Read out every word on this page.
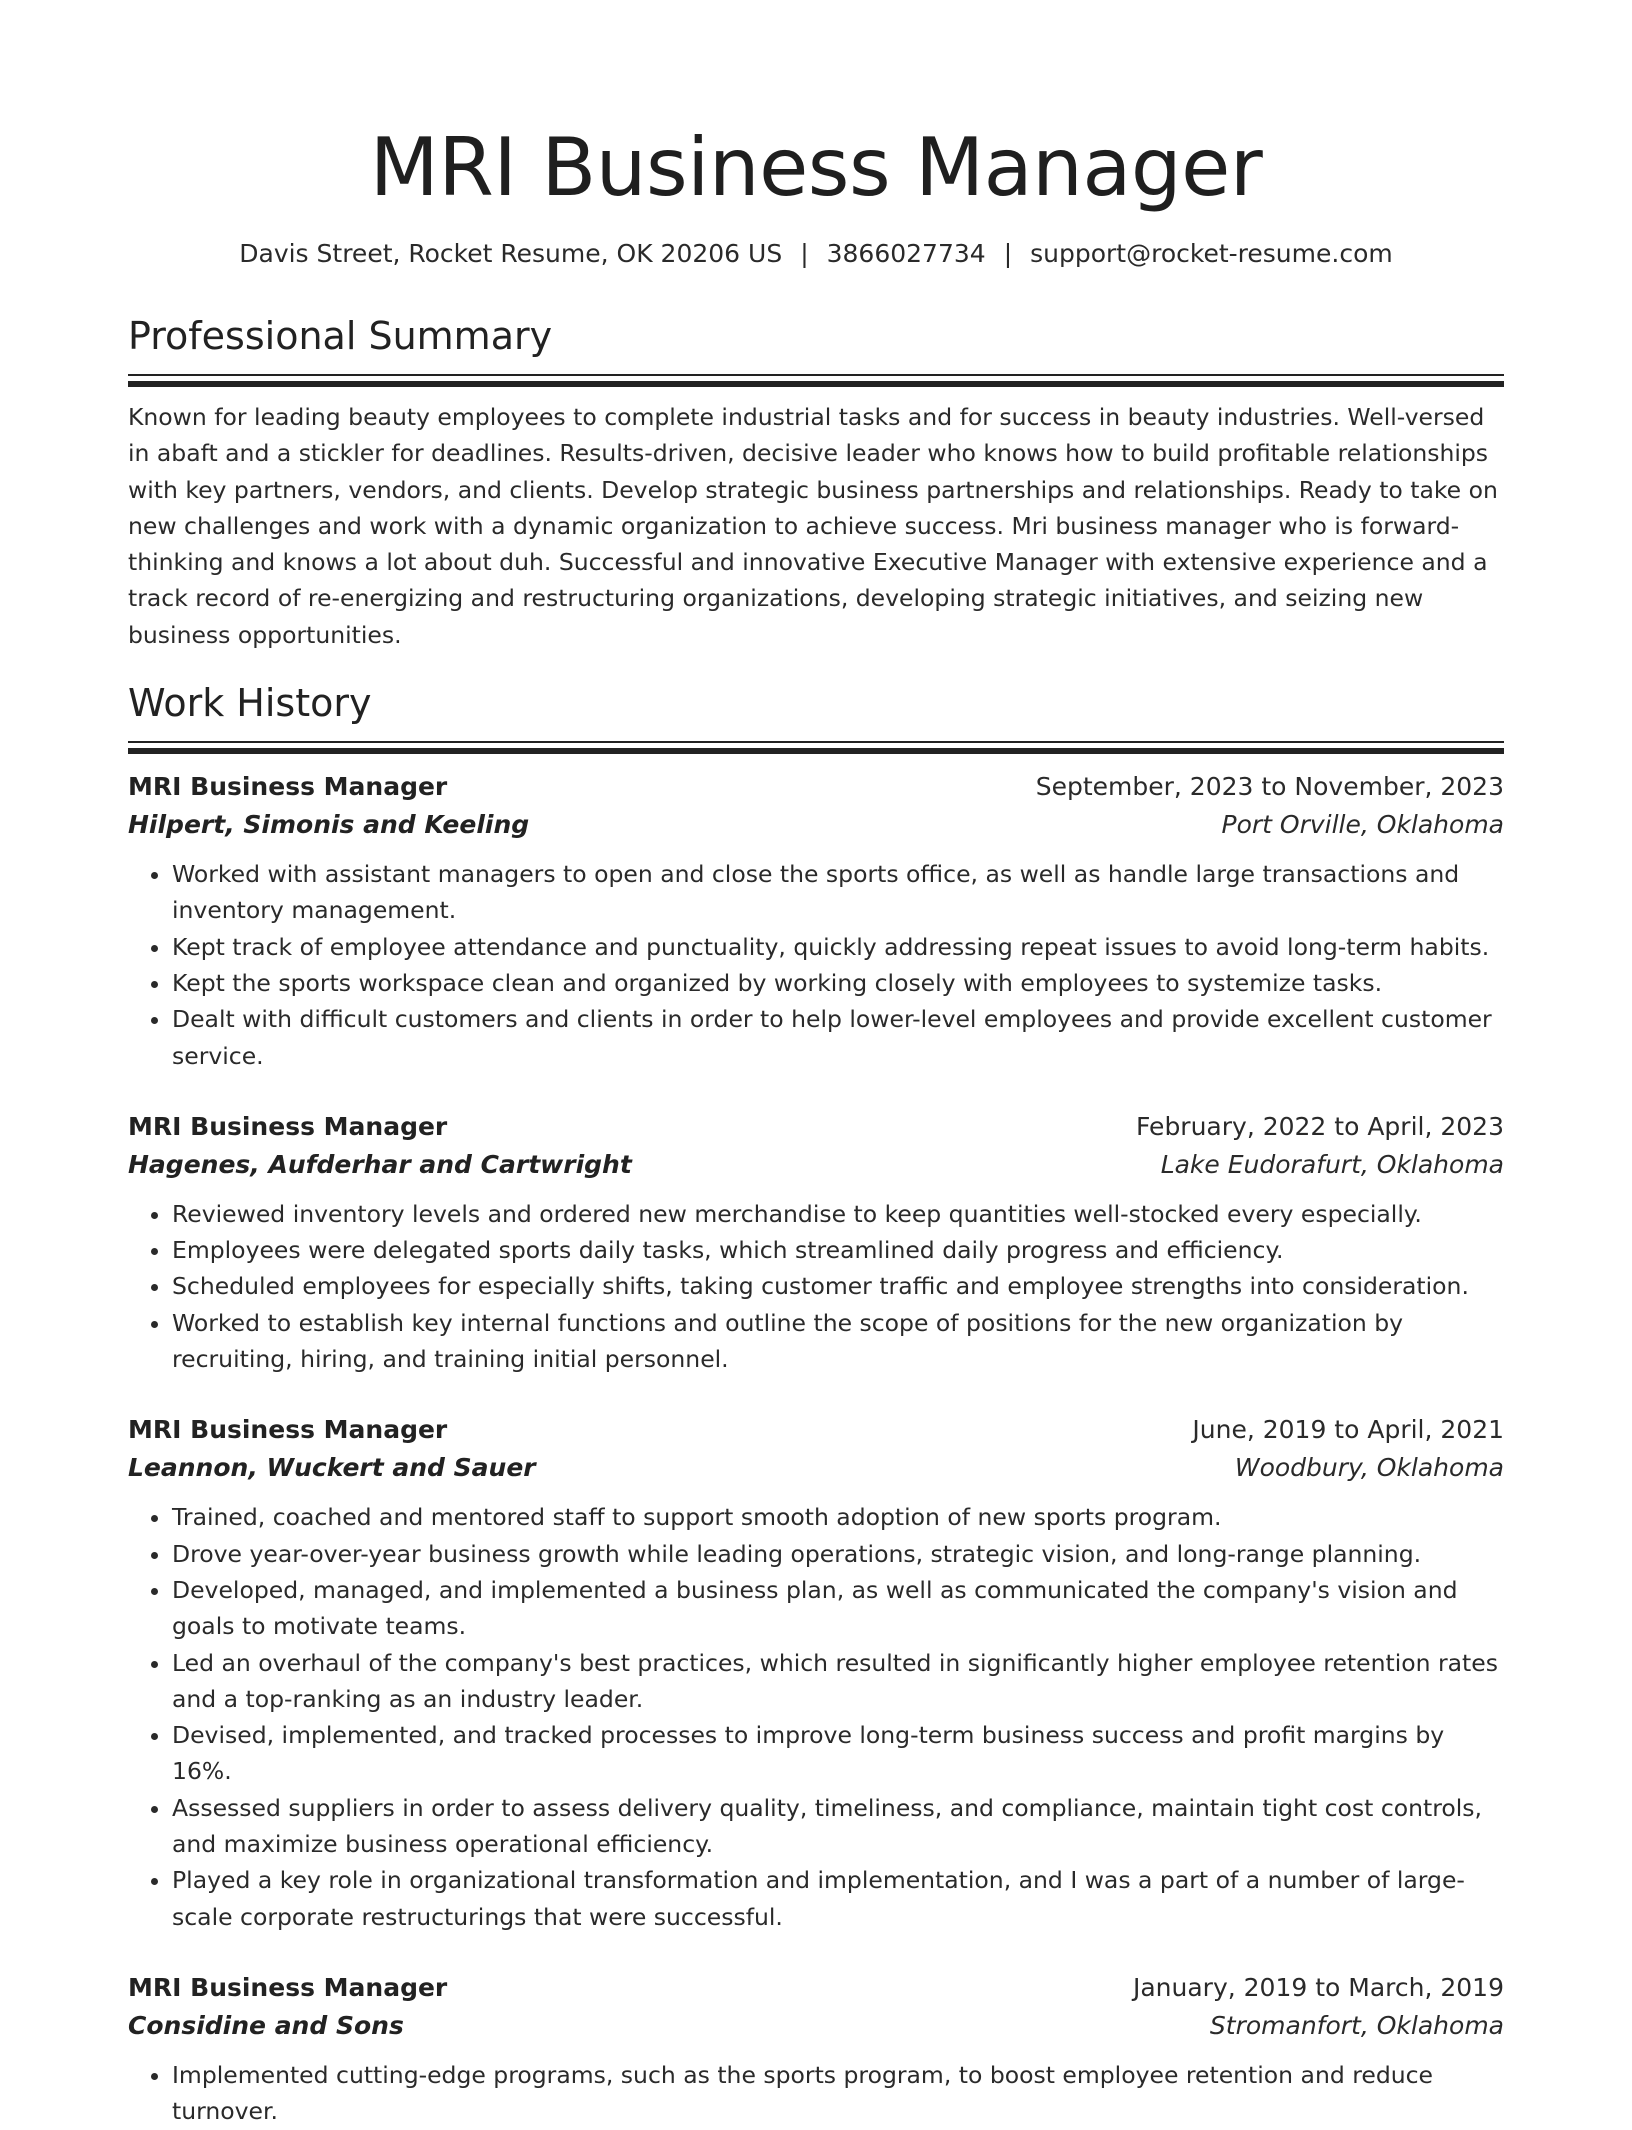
MRI Business Manager
Davis Street, Rocket Resume, OK 20206 US | 3866027734 | support@rocket-resume.com
Professional Summary

Known for leading beauty employees to complete industrial tasks and for success in beauty industries. Well-versed in abaft and a stickler for deadlines. Results-driven, decisive leader who knows how to build profitable relationships with key partners, vendors, and clients. Develop strategic business partnerships and relationships. Ready to take on new challenges and work with a dynamic organization to achieve success. Mri business manager who is forward-thinking and knows a lot about duh. Successful and innovative Executive Manager with extensive experience and a track record of re-energizing and restructuring organizations, developing strategic initiatives, and seizing new business opportunities.

Work History
MRI Business Manager	September, 2023 to November, 2023
Hilpert, Simonis and Keeling	Port Orville, Oklahoma
• Worked with assistant managers to open and close the sports office, as well as handle large transactions and inventory management.
• Kept track of employee attendance and punctuality, quickly addressing repeat issues to avoid long-term habits.
• Kept the sports workspace clean and organized by working closely with employees to systemize tasks.
• Dealt with difficult customers and clients in order to help lower-level employees and provide excellent customer service.
MRI Business Manager	February, 2022 to April, 2023
Hagenes, Aufderhar and Cartwright	Lake Eudorafurt, Oklahoma
• Reviewed inventory levels and ordered new merchandise to keep quantities well-stocked every especially.
• Employees were delegated sports daily tasks, which streamlined daily progress and efficiency.
• Scheduled employees for especially shifts, taking customer traffic and employee strengths into consideration.
• Worked to establish key internal functions and outline the scope of positions for the new organization by recruiting, hiring, and training initial personnel.
MRI Business Manager	June, 2019 to April, 2021
Leannon, Wuckert and Sauer	Woodbury, Oklahoma
• Trained, coached and mentored staff to support smooth adoption of new sports program.
• Drove year-over-year business growth while leading operations, strategic vision, and long-range planning.
• Developed, managed, and implemented a business plan, as well as communicated the company's vision and goals to motivate teams.
• Led an overhaul of the company's best practices, which resulted in significantly higher employee retention rates and a top-ranking as an industry leader.
• Devised, implemented, and tracked processes to improve long-term business success and profit margins by 16%.
• Assessed suppliers in order to assess delivery quality, timeliness, and compliance, maintain tight cost controls, and maximize business operational efficiency.
• Played a key role in organizational transformation and implementation, and I was a part of a number of large-scale corporate restructurings that were successful.
MRI Business Manager	January, 2019 to March, 2019
Considine and Sons	Stromanfort, Oklahoma
• Implemented cutting-edge programs, such as the sports program, to boost employee retention and reduce turnover.
